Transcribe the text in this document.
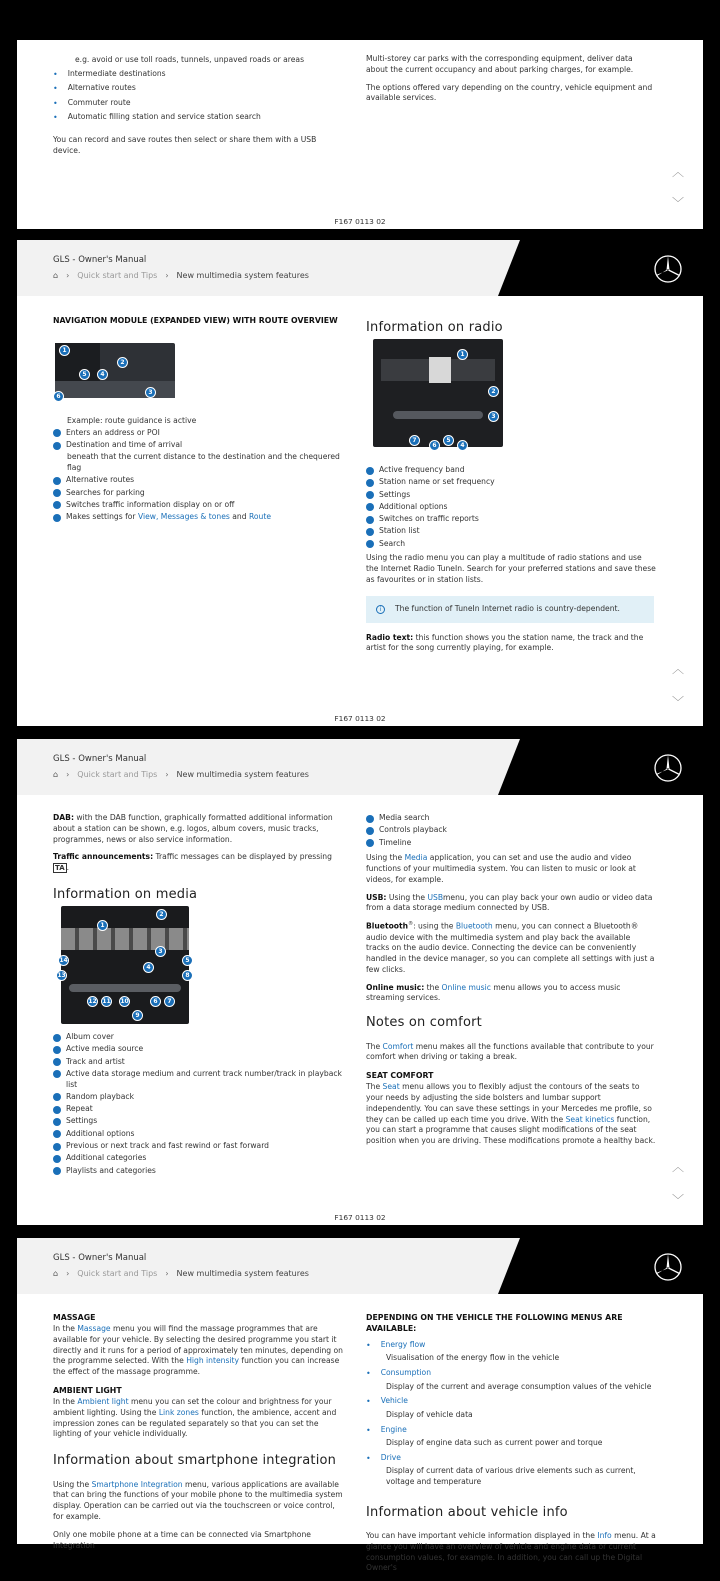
e.g. avoid or use toll roads, tunnels, unpaved roads or areas
• Intermediate destinations
• Alternative routes
• Commuter route
• Automatic filling station and service station search

You can record and save routes then select or share them with a USB device.

Multi-storey car parks with the corresponding equipment, deliver data about the current occupancy and about parking charges, for example.

The options offered vary depending on the country, vehicle equipment and available services.

︿
﹀
F167 0113 02
GLS - Owner's Manual
⌂ › Quick start and Tips › New multimedia system features
NAVIGATION MODULE (EXPANDED VIEW) WITH ROUTE OVERVIEW
1
2
5	4
3
6
Example: route guidance is active
Enters an address or POI
Destination and time of arrival
beneath that the current distance to the destination and the chequered flag
Alternative routes
Searches for parking
Switches traffic information display on or off
Makes settings for View, Messages & tones and Route
Information on radio
1
2
3
7
6
5
4
Active frequency band
Station name or set frequency
Settings
Additional options
Switches on traffic reports
Station list
Search

Using the radio menu you can play a multitude of radio stations and use the Internet Radio TuneIn. Search for your preferred stations and save these as favourites or in station lists.

i	The function of TuneIn Internet radio is country-dependent.

Radio text: this function shows you the station name, the track and the artist for the song currently playing, for example.

︿
﹀
F167 0113 02
GLS - Owner's Manual
⌂ › Quick start and Tips › New multimedia system features

DAB: with the DAB function, graphically formatted additional information about a station can be shown, e.g. logos, album covers, music tracks, programmes, news or also service information.

Traffic announcements: Traffic messages can be displayed by pressing TA .

Information on media
2
1
3
14	5
4
13	8
12 11 10	6	7
9
Album cover
Active media source
Track and artist
Active data storage medium and current track number/track in playback list
Random playback
Repeat
Settings
Additional options
Previous or next track and fast rewind or fast forward
Additional categories
Playlists and categories
Media search
Controls playback
Timeline

Using the Media application, you can set and use the audio and video functions of your multimedia system. You can listen to music or look at videos, for example.

USB: Using the USBmenu, you can play back your own audio or video data from a data storage medium connected by USB.

Bluetooth®: using the Bluetooth menu, you can connect a Bluetooth® audio device with the multimedia system and play back the available tracks on the audio device. Connecting the device can be conveniently handled in the device manager, so you can complete all settings with just a few clicks.

Online music: the Online music menu allows you to access music streaming services.

Notes on comfort

The Comfort menu makes all the functions available that contribute to your comfort when driving or taking a break.

SEAT COMFORT

The Seat menu allows you to flexibly adjust the contours of the seats to your needs by adjusting the side bolsters and lumbar support independently. You can save these settings in your Mercedes me profile, so they can be called up each time you drive. With the Seat kinetics function, you can start a programme that causes slight modifications of the seat position when you are driving. These modifications promote a healthy back.

︿
﹀
F167 0113 02
GLS - Owner's Manual
⌂ › Quick start and Tips › New multimedia system features
MASSAGE

In the Massage menu you will find the massage programmes that are available for your vehicle. By selecting the desired programme you start it directly and it runs for a period of approximately ten minutes, depending on the programme selected. With the High intensity function you can increase the effect of the massage programme.

AMBIENT LIGHT

In the Ambient light menu you can set the colour and brightness for your ambient lighting. Using the Link zones function, the ambience, accent and impression zones can be regulated separately so that you can set the lighting of your vehicle individually.

Information about smartphone integration

Using the Smartphone Integration menu, various applications are available that can bring the functions of your mobile phone to the multimedia system display. Operation can be carried out via the touchscreen or voice control, for example.

Only one mobile phone at a time can be connected via Smartphone Integration

DEPENDING ON THE VEHICLE THE FOLLOWING MENUS ARE AVAILABLE:
• Energy flow
Visualisation of the energy flow in the vehicle
• Consumption
Display of the current and average consumption values of the vehicle
• Vehicle
Display of vehicle data
• Engine
Display of engine data such as current power and torque
• Drive
Display of current data of various drive elements such as current, voltage and temperature
Information about vehicle info

You can have important vehicle information displayed in the Info menu. At a glance you will have an overview of vehicle and engine data or current consumption values, for example. In addition, you can call up the Digital Owner's
